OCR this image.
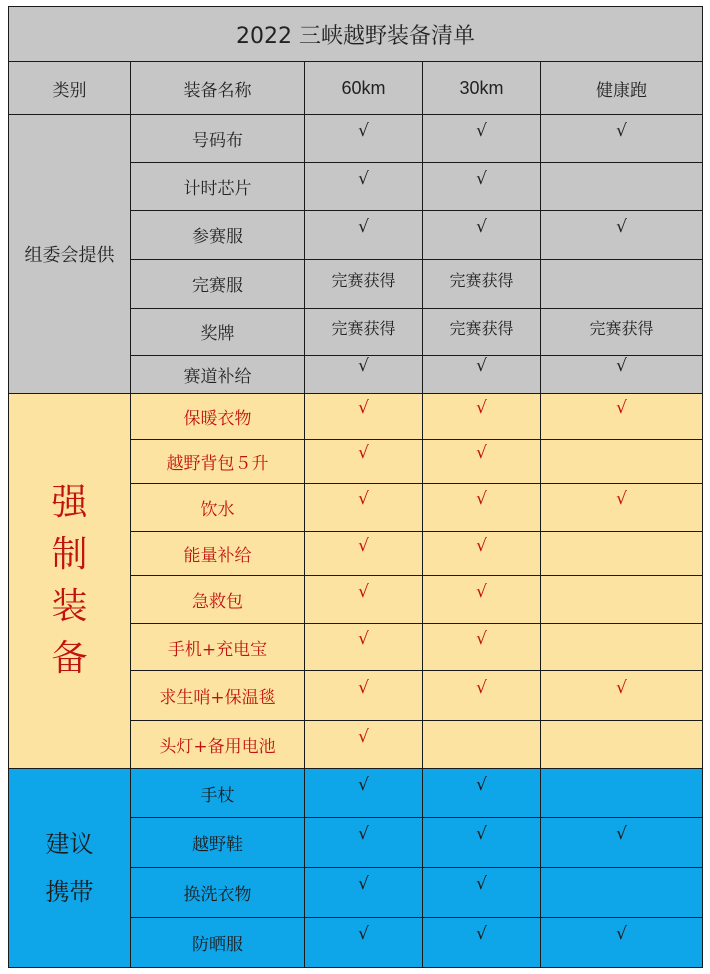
2022 三峡越野装备清单				
类别	装备名称	60km	30km	健康跑
组委会提供	号码布	√	√	√
	计时芯片	√	√	
	参赛服	√	√	√
	完赛服	完赛获得	完赛获得	
	奖牌	完赛获得	完赛获得	完赛获得
	赛道补给	√	√	√

强
制
装
备	保暖衣物	√	√	√
	越野背包５升	√	√	
	饮水	√	√	√
	能量补给	√	√	
	急救包	√	√	
	手机+充电宝	√	√	
	求生哨+保温毯	√	√	√
	头灯+备用电池	√		

建议
携带	手杖	√	√	
	越野鞋	√	√	√
	换洗衣物	√	√	
	防晒服	√	√	√
